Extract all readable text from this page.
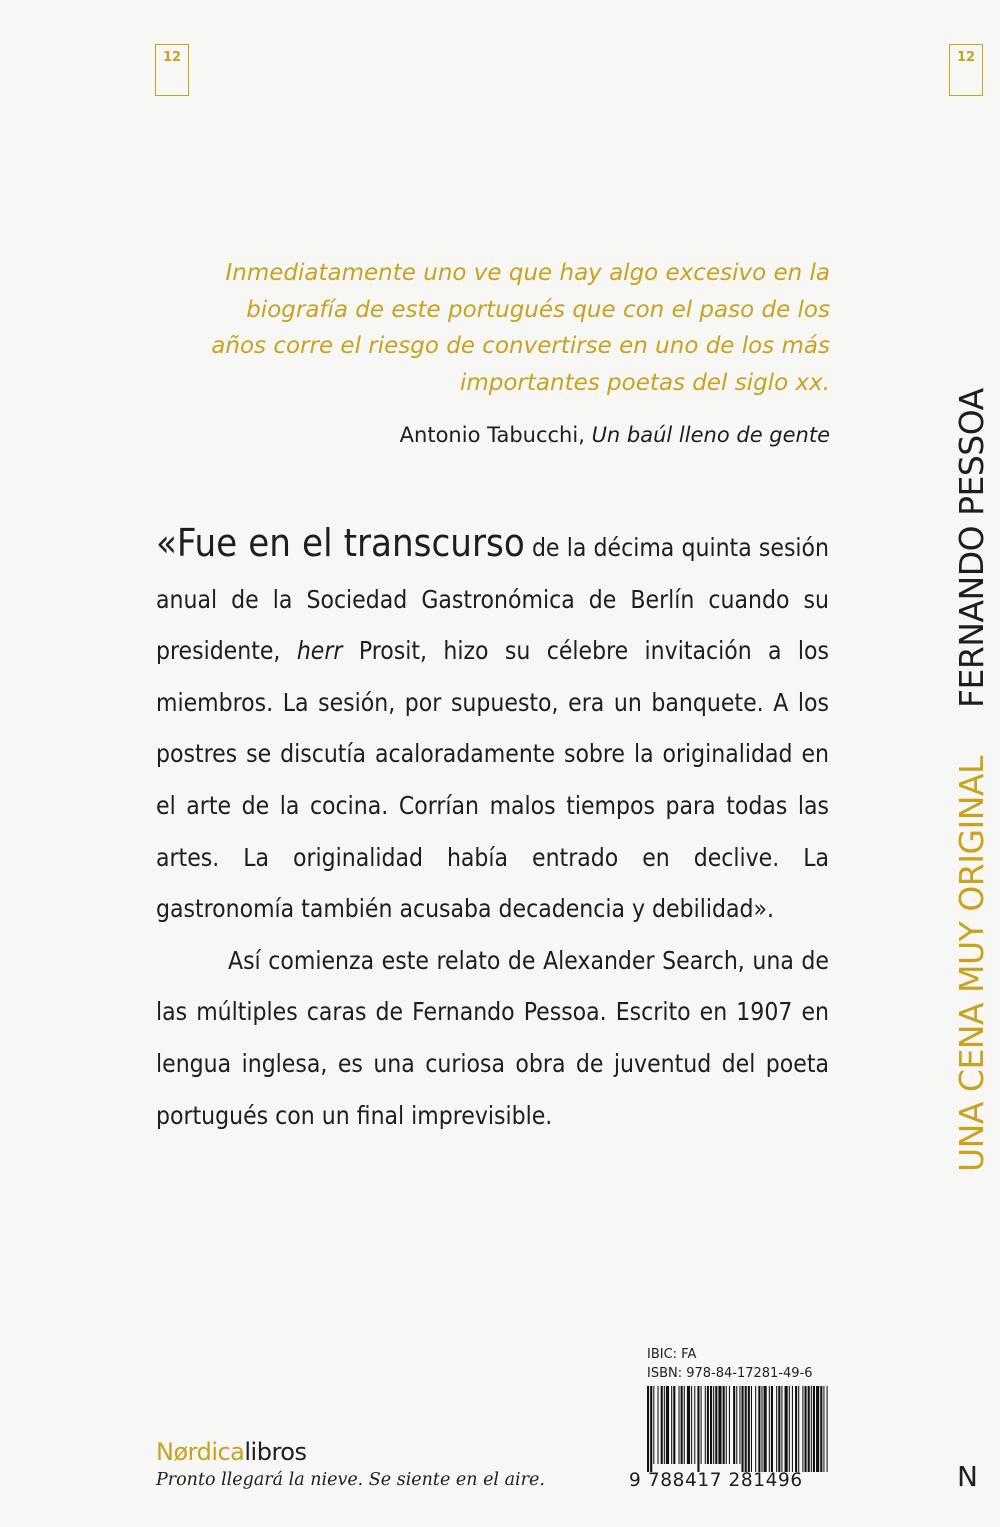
12	12
Inmediatamente uno ve que hay algo excesivo en la
biografía de este portugués que con el paso de los
años corre el riesgo de convertirse en uno de los más
importantes poetas del siglo xx.
Antonio Tabucchi, Un baúl lleno de gente

«Fue en el transcurso de la décima quinta sesión anual de la Sociedad Gastronómica de Berlín cuando su presidente, herr Prosit, hizo su célebre invitación a los miembros. La sesión, por supuesto, era un banquete. A los postres se discutía acaloradamente sobre la originalidad en el arte de la cocina. Corrían malos tiempos para todas las artes. La originalidad había entrado en declive. La gastronomía también acusaba decadencia y debilidad».

Así comienza este relato de Alexander Search, una de las múltiples caras de Fernando Pessoa. Escrito en 1907 en lengua inglesa, es una curiosa obra de juventud del poeta portugués con un final imprevisible.

FERNANDO PESSOA
UNA CENA MUY ORIGINAL
Nørdicalibros
Pronto llegará la nieve. Se siente en el aire.
IBIC: FA
ISBN: 978-84-17281-49-6
9 788417 281496	N
